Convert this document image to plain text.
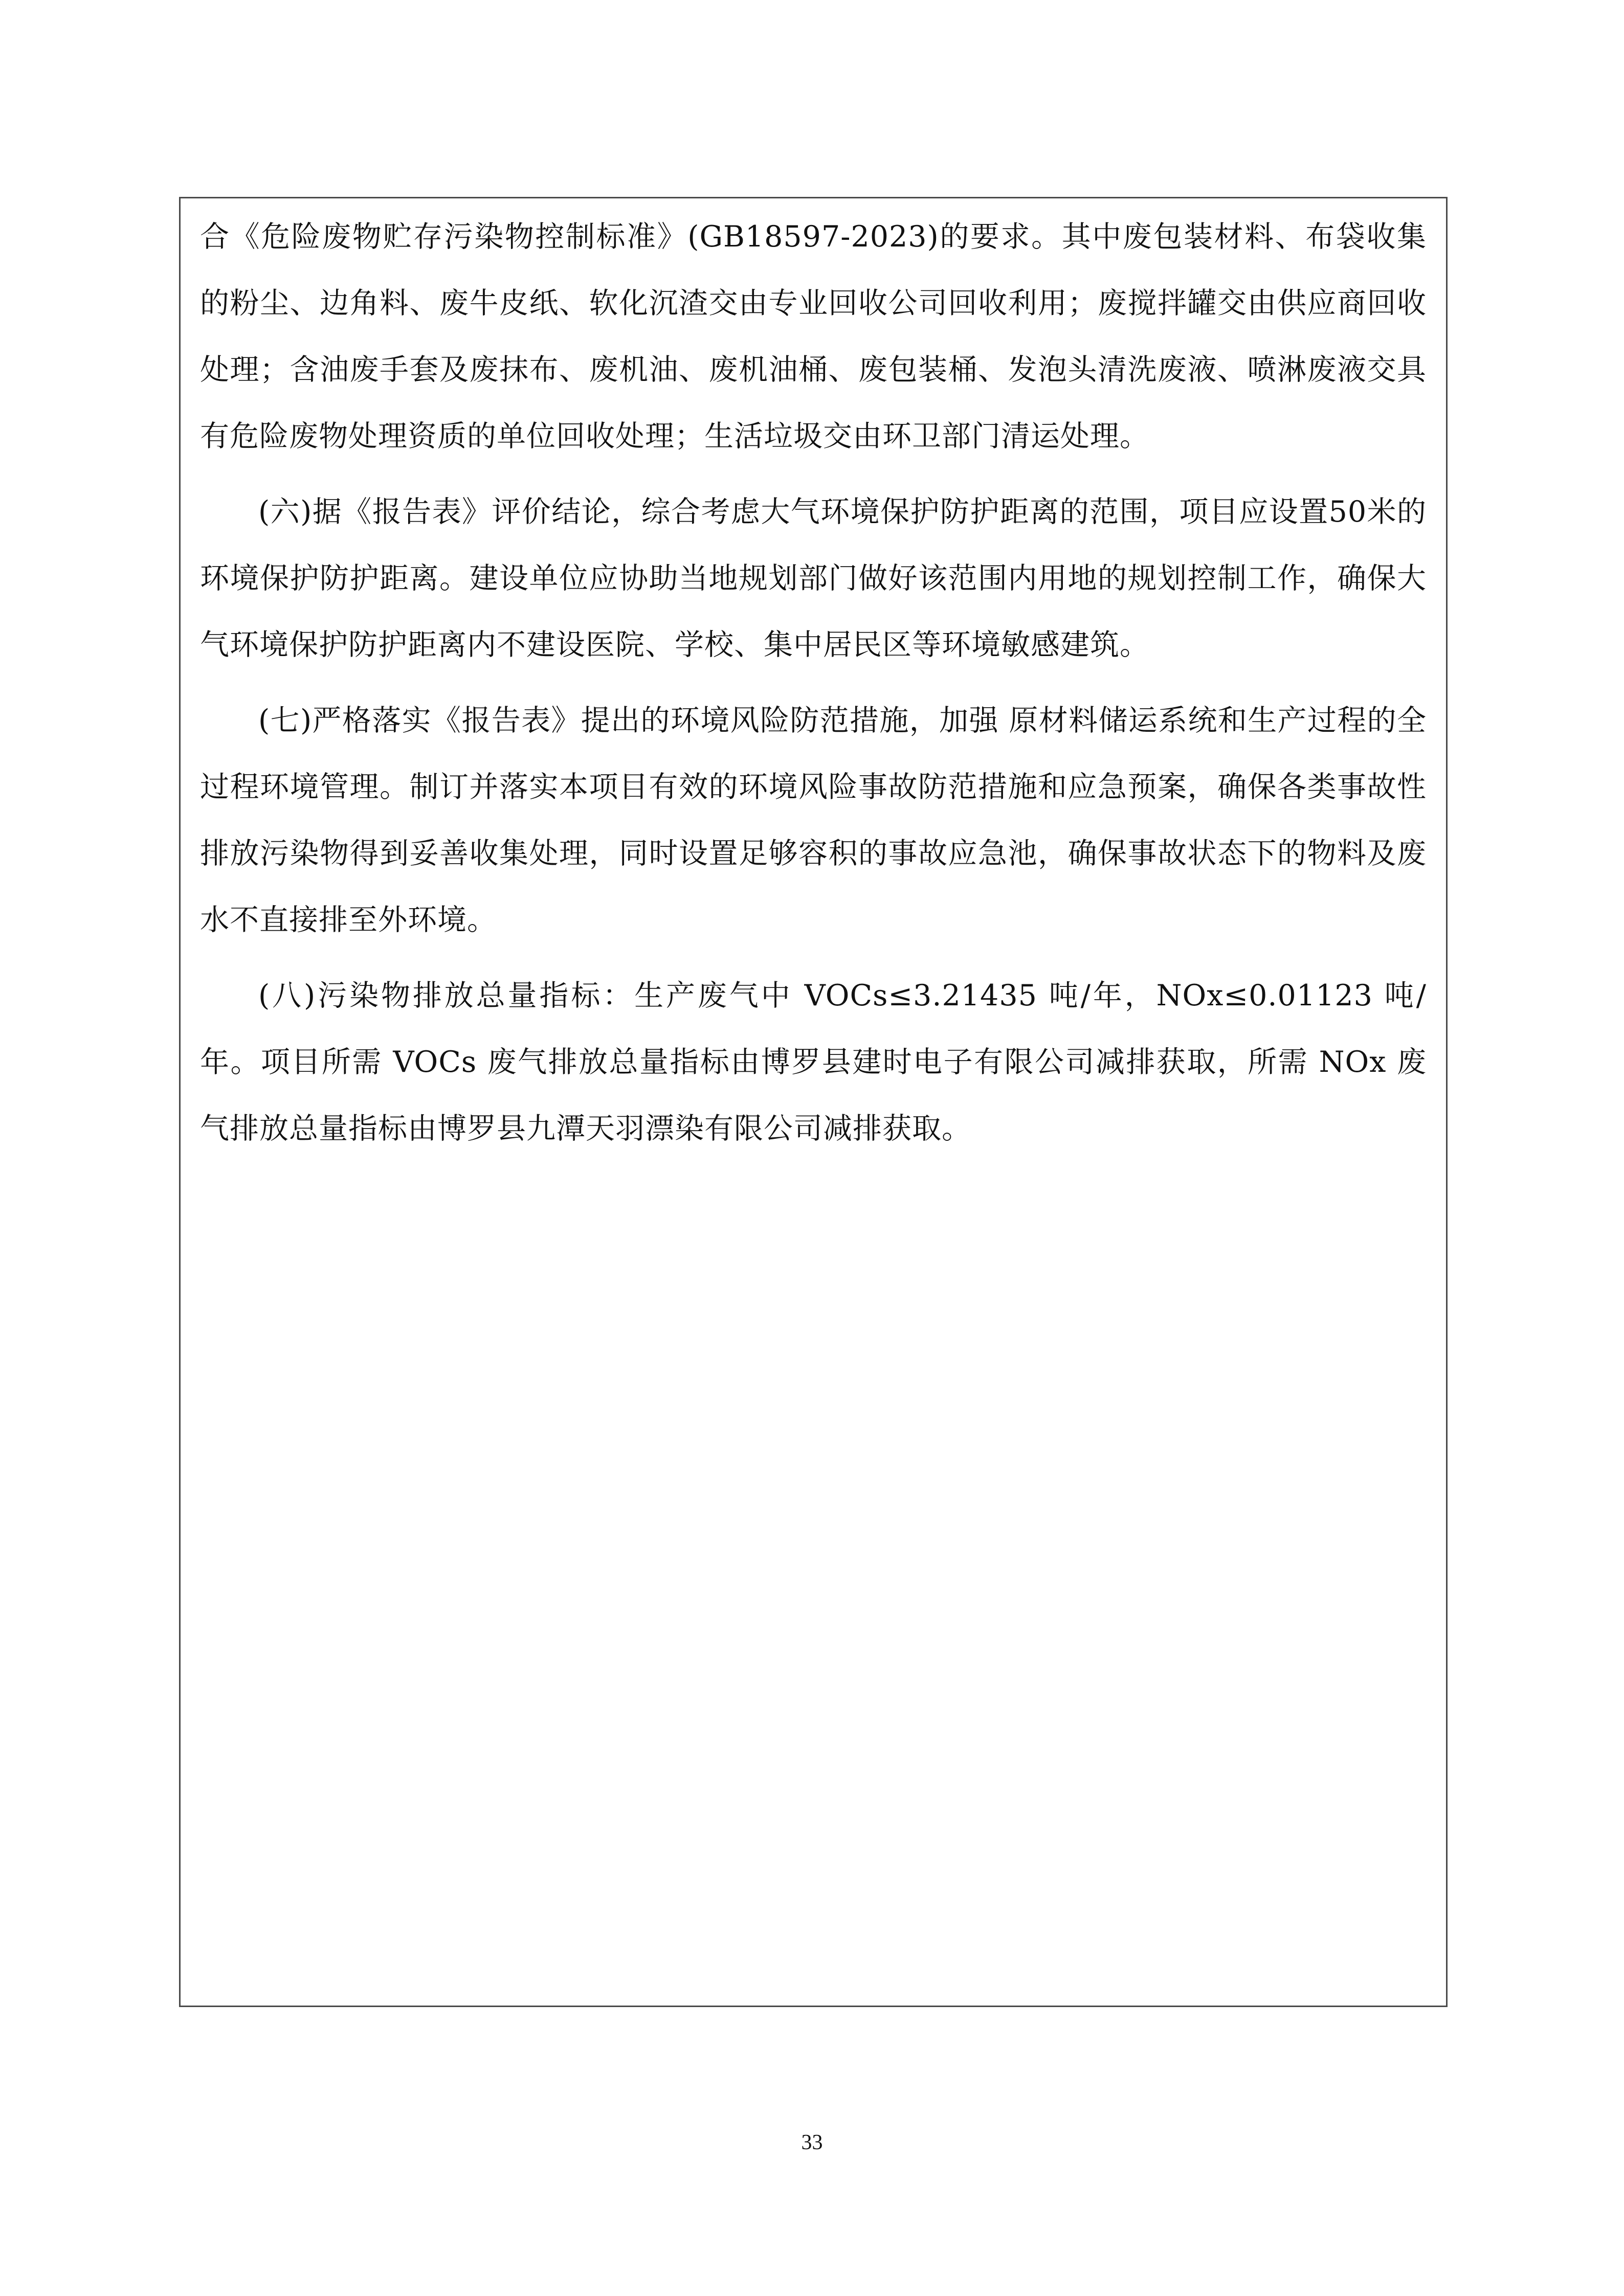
合《危险废物贮存污染物控制标准》(GB18597-2023)的要求。其中废包装材料、布袋收集的粉尘、边角料、废牛皮纸、软化沉渣交由专业回收公司回收利用；废搅拌罐交由供应商回收处理；含油废手套及废抹布、废机油、废机油桶、废包装桶、发泡头清洗废液、喷淋废液交具有危险废物处理资质的单位回收处理；生活垃圾交由环卫部门清运处理。

(六)据《报告表》评价结论，综合考虑大气环境保护防护距离的范围，项目应设置50米的环境保护防护距离。建设单位应协助当地规划部门做好该范围内用地的规划控制工作，确保大气环境保护防护距离内不建设医院、学校、集中居民区等环境敏感建筑。

(七)严格落实《报告表》提出的环境风险防范措施，加强 原材料储运系统和生产过程的全过程环境管理。制订并落实本项目有效的环境风险事故防范措施和应急预案，确保各类事故性排放污染物得到妥善收集处理，同时设置足够容积的事故应急池，确保事故状态下的物料及废水不直接排至外环境。

(八)污染物排放总量指标：生产废气中 VOCs≤3.21435 吨/年，NOx≤0.01123 吨/年。项目所需 VOCs 废气排放总量指标由博罗县建时电子有限公司减排获取，所需 NOx 废气排放总量指标由博罗县九潭天羽漂染有限公司减排获取。

33
